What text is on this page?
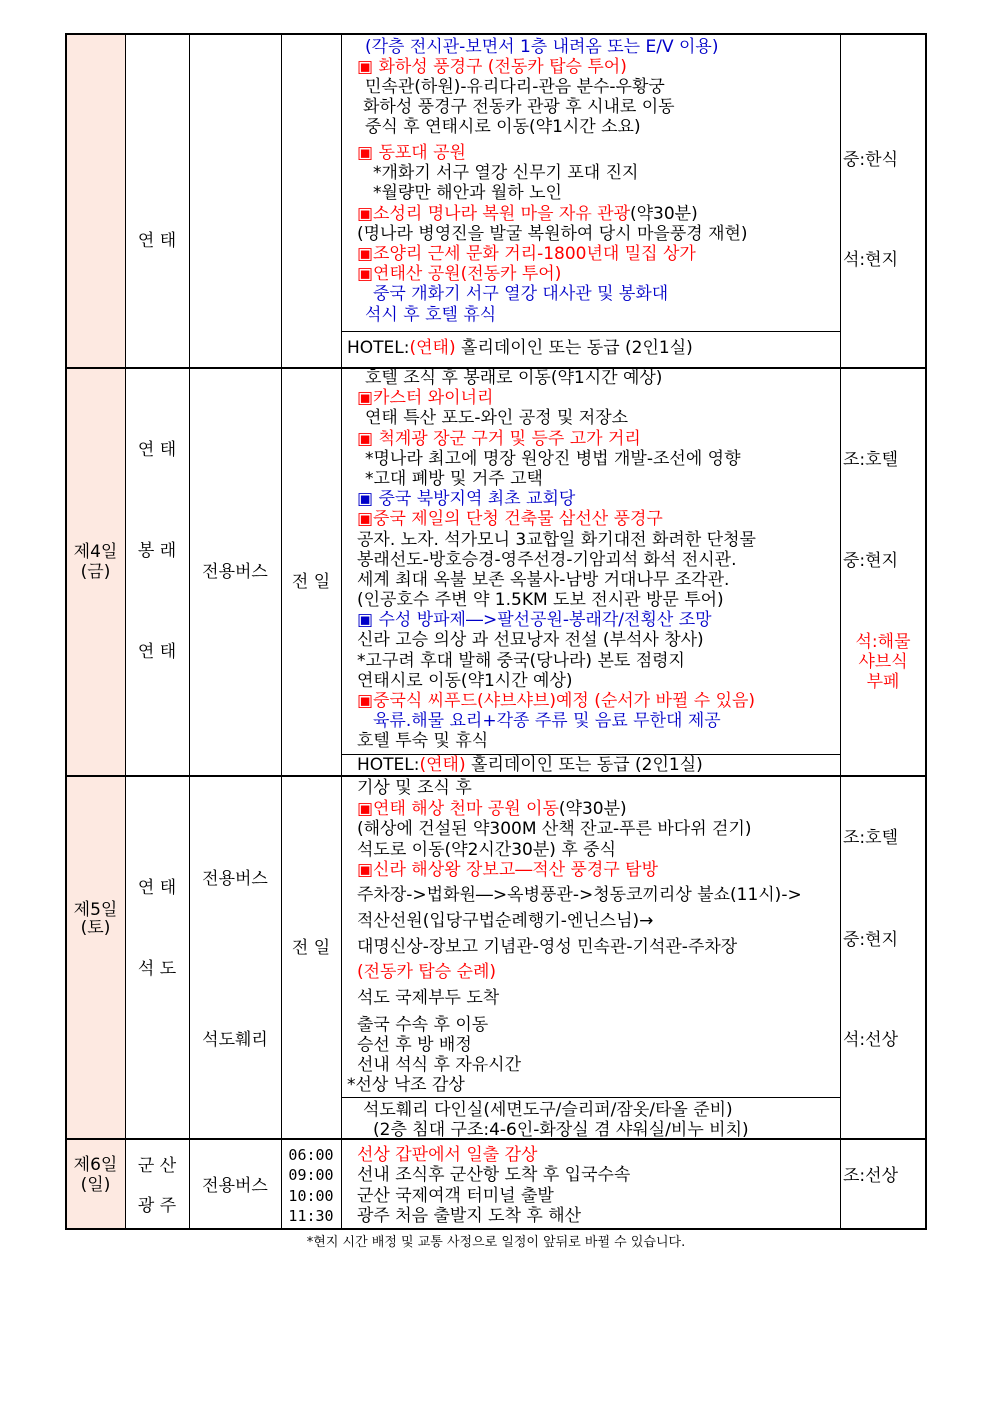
연 태
(각층 전시관-보면서 1층 내려옴 또는 E/V 이용)
▣ 화하성 풍경구 (전동카 탑승 투어)
민속관(하원)-유리다리-관음 분수-우황궁
화하성 풍경구 전동카 관광 후 시내로 이동
중식 후 연태시로 이동(약1시간 소요)
▣ 동포대 공원
*개화기 서구 열강 신무기 포대 진지
*월량만 해안과 월하 노인
▣소성리 명나라 복원 마을 자유 관광(약30분)
(명나라 병영진을 발굴 복원하여 당시 마을풍경 재현)
▣조양리 근세 문화 거리-1800년대 밀집 상가
▣연태산 공원(전동카 투어)
중국 개화기 서구 열강 대사관 및 봉화대
석시 후 호텔 휴식
HOTEL:(연태) 홀리데이인 또는 동급 (2인1실)
중:한식
석:현지
제4일
(금)
연 태
봉 래
연 태
전용버스	전 일
호텔 조식 후 봉래로 이동(약1시간 예상)
▣카스터 와이너리
연태 특산 포도-와인 공정 및 저장소
▣ 척계광 장군 구거 및 등주 고가 거리
*명나라 최고에 명장 원앙진 병법 개발-조선에 영향
*고대 폐방 및 거주 고택
▣ 중국 북방지역 최초 교회당
▣중국 제일의 단청 건축물 삼선산 풍경구
공자. 노자. 석가모니 3교합일 화기대전 화려한 단청물
봉래선도-방호승경-영주선경-기암괴석 화석 전시관.
세계 최대 옥불 보존 옥불사-남방 거대나무 조각관.
(인공호수 주변 약 1.5KM 도보 전시관 방문 투어)
▣ 수성 방파제―>팔선공원-봉래각/전횡산 조망
신라 고승 의상 과 선묘낭자 전설 (부석사 창사)
*고구려 후대 발해 중국(당나라) 본토 점령지
연태시로 이동(약1시간 예상)
▣중국식 씨푸드(샤브샤브)예정 (순서가 바뀔 수 있음)
육류.해물 요리+각종 주류 및 음료 무한대 제공
호텔 투숙 및 휴식
HOTEL:(연태) 홀리데이인 또는 동급 (2인1실)
조:호텔
중:현지
석:해물
샤브식
부페
제5일
(토)
연 태
석 도
전용버스
석도훼리
전 일
기상 및 조식 후
▣연태 해상 천마 공원 이동(약30분)
(해상에 건설된 약300M 산책 잔교-푸른 바다위 걷기)
석도로 이동(약2시간30분) 후 중식
▣신라 해상왕 장보고―적산 풍경구 탐방
주차장->법화원―>옥병풍관->청동코끼리상 불쇼(11시)->
적산선원(입당구법순례행기-엔닌스님)→
대명신상-장보고 기념관-영성 민속관-기석관-주차장
(전동카 탑승 순례)
석도 국제부두 도착
출국 수속 후 이동
승선 후 방 배정
선내 석식 후 자유시간
*선상 낙조 감상
석도훼리 다인실(세면도구/슬리퍼/잠옷/타올 준비)
(2층 침대 구조:4-6인-화장실 겸 샤워실/비누 비치)
조:호텔
중:현지
석:선상
제6일
(일)
군 산
광 주
전용버스
06:00
09:00
10:00
11:30
선상 갑판에서 일출 감상
선내 조식후 군산항 도착 후 입국수속
군산 국제여객 터미널 출발
광주 처음 출발지 도착 후 해산
조:선상
*현지 시간 배정 및 교통 사정으로 일정이 앞뒤로 바뀔 수 있습니다.
